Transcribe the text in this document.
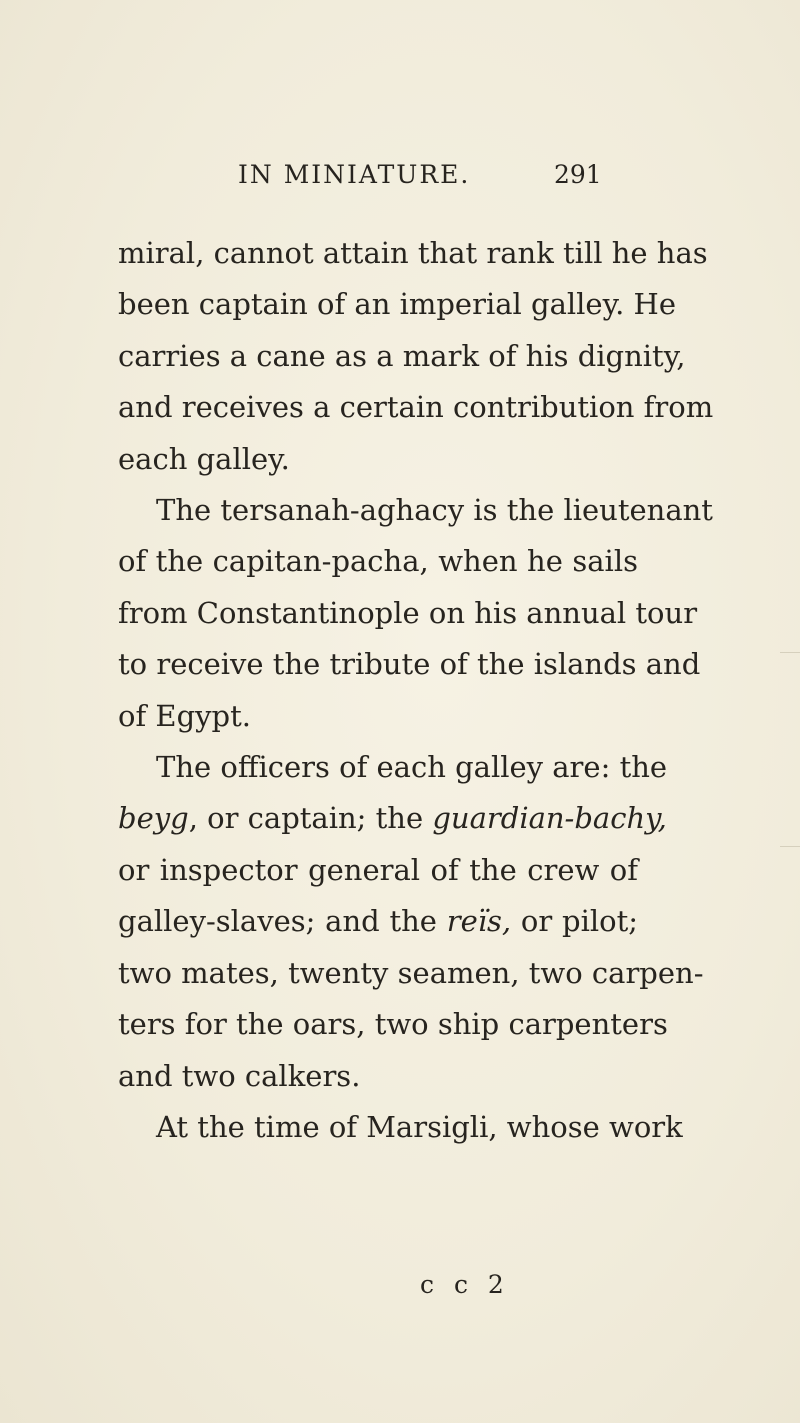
IN MINIATURE.	291

miral, cannot attain that rank till he has
been captain of an imperial galley. He
carries a cane as a mark of his dignity,
and receives a certain contribution from
each galley.

The tersanah-aghacy is the lieutenant
of the capitan-pacha, when he sails
from Constantinople on his annual tour
to receive the tribute of the islands and
of Egypt.

The officers of each galley are: the
beyg, or captain; the guardian-bachy,
or inspector general of the crew of
galley-slaves; and the reïs, or pilot;
two mates, twenty seamen, two carpen-
ters for the oars, two ship carpenters
and two calkers.

At the time of Marsigli, whose work

c c 2
